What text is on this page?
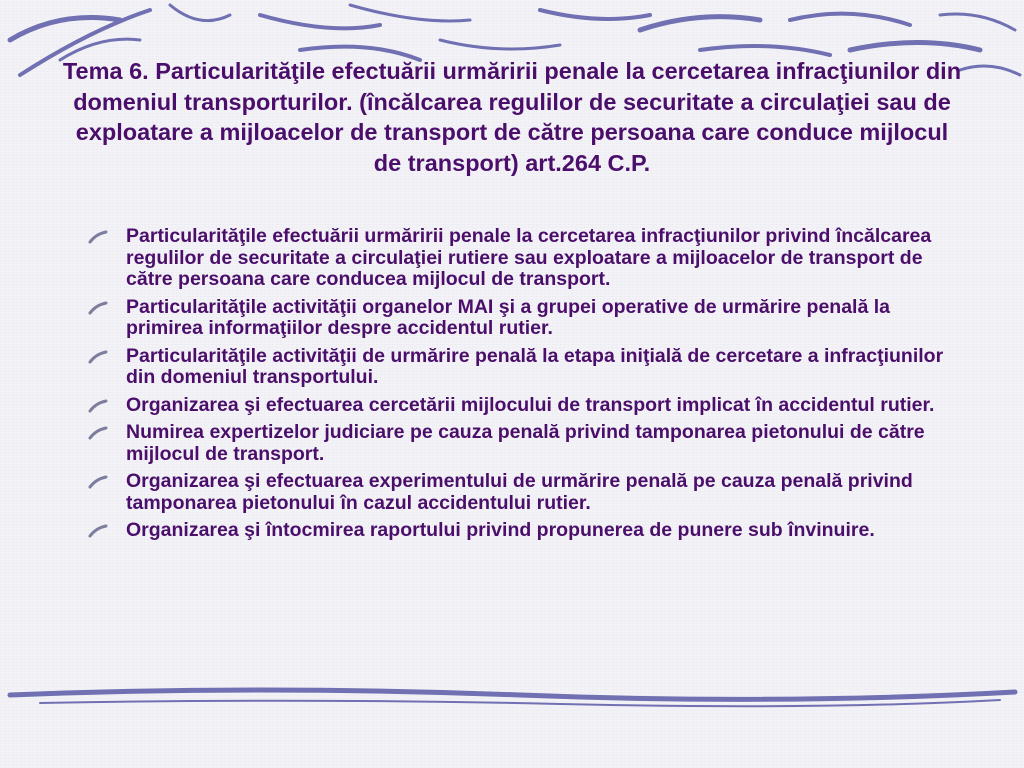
Tema 6. Particularităţile efectuării urmăririi penale la cercetarea infracţiunilor din domeniul transporturilor. (încălcarea regulilor de securitate a circulaţiei sau de exploatare a mijloacelor de transport de către persoana care conduce mijlocul de transport) art.264 C.P.
Particularităţile efectuării urmăririi penale la cercetarea infracţiunilor privind încălcarea regulilor de securitate a circulaţiei rutiere sau exploatare a mijloacelor de transport de către persoana care conducea mijlocul de transport.
Particularităţile activităţii organelor MAI şi a grupei operative de urmărire penală la primirea informaţiilor despre accidentul rutier.
Particularităţile activităţii de urmărire penală la etapa iniţială de cercetare a infracţiunilor din domeniul transportului.
Organizarea şi efectuarea cercetării mijlocului de transport implicat în accidentul rutier.
Numirea expertizelor judiciare pe cauza penală privind tamponarea pietonului de către mijlocul de transport.
Organizarea şi efectuarea experimentului de urmărire penală pe cauza penală privind tamponarea pietonului în cazul accidentului rutier.
Organizarea şi întocmirea raportului privind propunerea de punere sub învinuire.
